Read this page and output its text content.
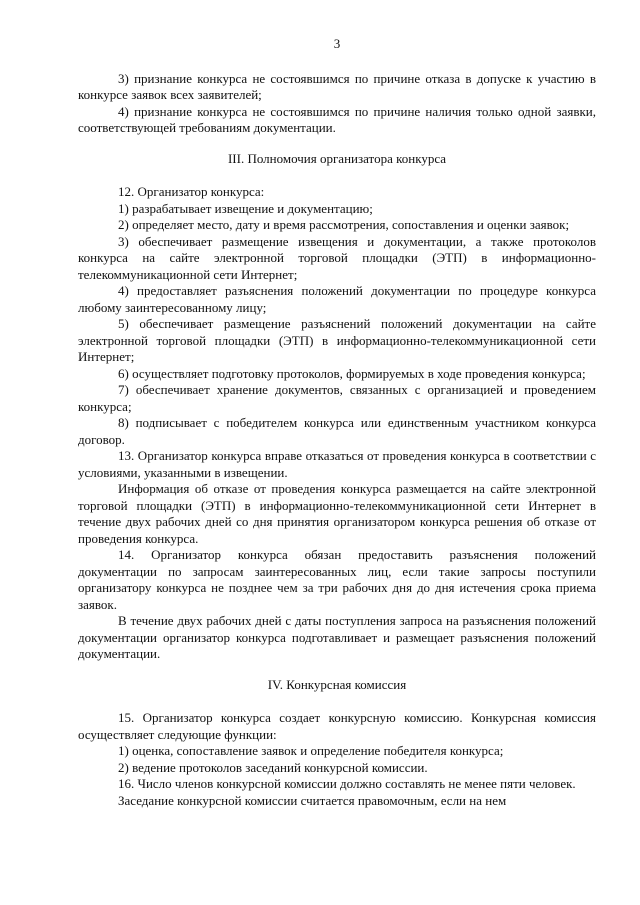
3

3) признание конкурса не состоявшимся по причине отказа в допуске к участию в конкурсе заявок всех заявителей;

4) признание конкурса не состоявшимся по причине наличия только одной заявки, соответствующей требованиям документации.

III. Полномочия организатора конкурса

12. Организатор конкурса:

1) разрабатывает извещение и документацию;

2) определяет место, дату и время рассмотрения, сопоставления и оценки заявок;

3) обеспечивает размещение извещения и документации, а также протоколов конкурса на сайте электронной торговой площадки (ЭТП) в информационно-телекоммуникационной сети Интернет;

4) предоставляет разъяснения положений документации по процедуре конкурса любому заинтересованному лицу;

5) обеспечивает размещение разъяснений положений документации на сайте электронной торговой площадки (ЭТП) в информационно-телекоммуникационной сети Интернет;

6) осуществляет подготовку протоколов, формируемых в ходе проведения конкурса;

7) обеспечивает хранение документов, связанных с организацией и проведением конкурса;

8) подписывает с победителем конкурса или единственным участником конкурса договор.

13. Организатор конкурса вправе отказаться от проведения конкурса в соответствии с условиями, указанными в извещении.

Информация об отказе от проведения конкурса размещается на сайте электронной торговой площадки (ЭТП) в информационно-телекоммуникационной сети Интернет в течение двух рабочих дней со дня принятия организатором конкурса решения об отказе от проведения конкурса.

14. Организатор конкурса обязан предоставить разъяснения положений документации по запросам заинтересованных лиц, если такие запросы поступили организатору конкурса не позднее чем за три рабочих дня до дня истечения срока приема заявок.

В течение двух рабочих дней с даты поступления запроса на разъяснения положений документации организатор конкурса подготавливает и размещает разъяснения положений документации.

IV. Конкурсная комиссия

15. Организатор конкурса создает конкурсную комиссию. Конкурсная комиссия осуществляет следующие функции:

1) оценка, сопоставление заявок и определение победителя конкурса;

2) ведение протоколов заседаний конкурсной комиссии.

16. Число членов конкурсной комиссии должно составлять не менее пяти человек.

Заседание конкурсной комиссии считается правомочным, если на нем
